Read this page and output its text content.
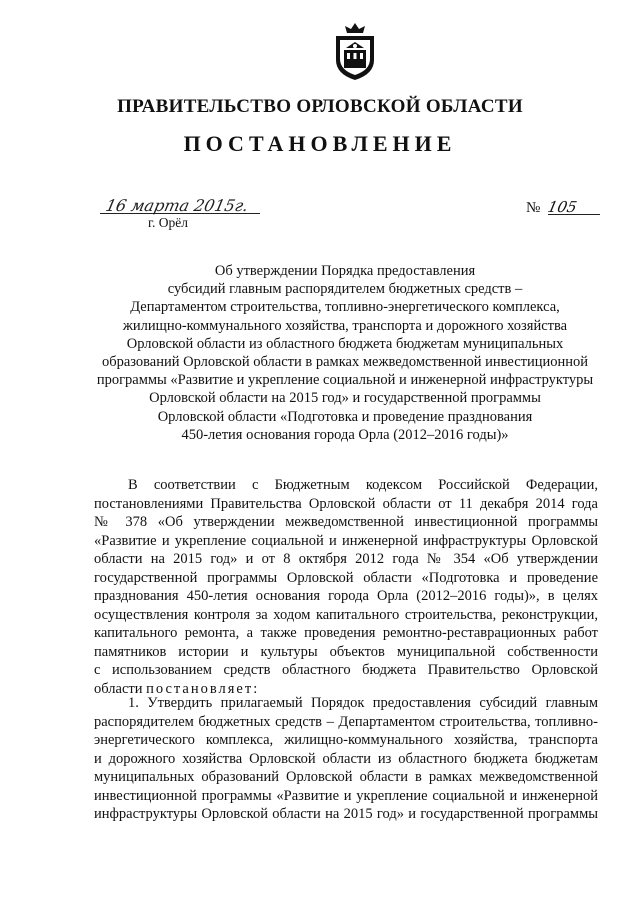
ПРАВИТЕЛЬСТВО ОРЛОВСКОЙ ОБЛАСТИ
ПОСТАНОВЛЕНИЕ
16 марта 2015г.
г. Орёл
№ 105
Об утверждении Порядка предоставления
субсидий главным распорядителем бюджетных средств –
Департаментом строительства, топливно-энергетического комплекса,
жилищно-коммунального хозяйства, транспорта и дорожного хозяйства
Орловской области из областного бюджета бюджетам муниципальных
образований Орловской области в рамках межведомственной инвестиционной
программы «Развитие и укрепление социальной и инженерной инфраструктуры
Орловской области на 2015 год» и государственной программы
Орловской области «Подготовка и проведение празднования
450-летия основания города Орла (2012–2016 годы)»
В соответствии с Бюджетным кодексом Российской Федерации,
постановлениями Правительства Орловской области от 11 декабря 2014 года
№ 378 «Об утверждении межведомственной инвестиционной программы
«Развитие и укрепление социальной и инженерной инфраструктуры Орловской
области на 2015 год» и от 8 октября 2012 года № 354 «Об утверждении
государственной программы Орловской области «Подготовка и проведение
празднования 450-летия основания города Орла (2012–2016 годы)», в целях
осуществления контроля за ходом капитального строительства, реконструкции,
капитального ремонта, а также проведения ремонтно-реставрационных работ
памятников истории и культуры объектов муниципальной собственности
с использованием средств областного бюджета Правительство Орловской
области постановляет:
1. Утвердить прилагаемый Порядок предоставления субсидий главным
распорядителем бюджетных средств – Департаментом строительства, топливно-
энергетического комплекса, жилищно-коммунального хозяйства, транспорта
и дорожного хозяйства Орловской области из областного бюджета бюджетам
муниципальных образований Орловской области в рамках межведомственной
инвестиционной программы «Развитие и укрепление социальной и инженерной
инфраструктуры Орловской области на 2015 год» и государственной программы
